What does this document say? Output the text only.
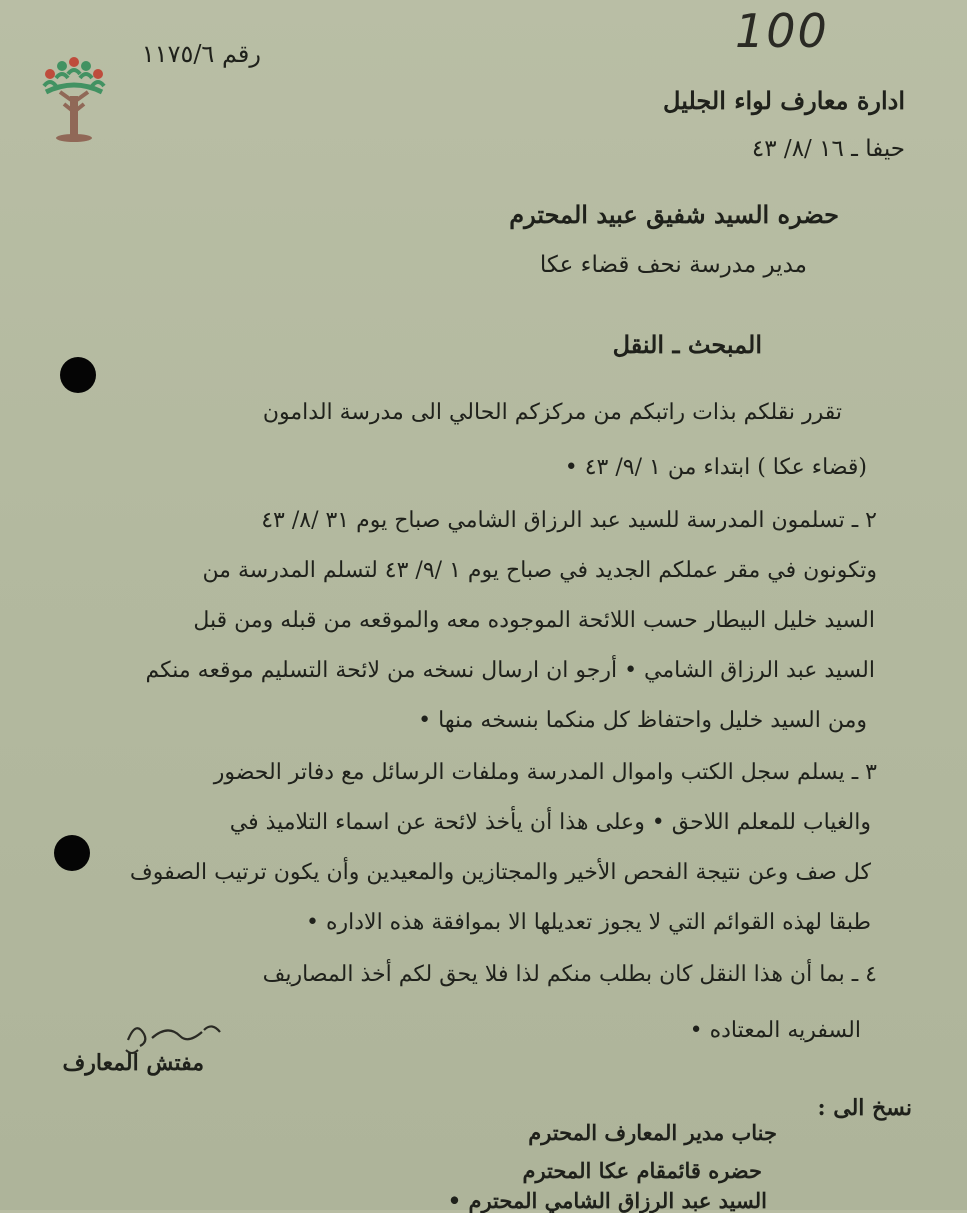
100
رقم ١١٧٥/٦
ادارة معارف لواء الجليل
حيفا ـ ١٦ /٨/ ٤٣
حضره السيد شفيق عبيد المحترم
مدير مدرسة نحف قضاء عكا
المبحث ـ النقل
تقرر نقلكم بذات راتبكم من مركزكم الحالي الى مدرسة الدامون
(قضاء عكا ) ابتداء من ١ /٩/ ٤٣ •
٢ ـ تسلمون المدرسة للسيد عبد الرزاق الشامي صباح يوم ٣١ /٨/ ٤٣
وتكونون في مقر عملكم الجديد في صباح يوم ١ /٩/ ٤٣ لتسلم المدرسة من
السيد خليل البيطار حسب اللائحة الموجوده معه والموقعه من قبله ومن قبل
السيد عبد الرزاق الشامي • أرجو ان ارسال نسخه من لائحة التسليم موقعه منكم
ومن السيد خليل واحتفاظ كل منكما بنسخه منها •
٣ ـ يسلم سجل الكتب واموال المدرسة وملفات الرسائل مع دفاتر الحضور
والغياب للمعلم اللاحق • وعلى هذا أن يأخذ لائحة عن اسماء التلاميذ في
كل صف وعن نتيجة الفحص الأخير والمجتازين والمعيدين وأن يكون ترتيب الصفوف
طبقا لهذه القوائم التي لا يجوز تعديلها الا بموافقة هذه الاداره •
٤ ـ بما أن هذا النقل كان بطلب منكم لذا فلا يحق لكم أخذ المصاريف
السفريه المعتاده •
مفتش المعارف
نسخ الى :
جناب مدير المعارف المحترم
حضره قائمقام عكا المحترم
السيد عبد الرزاق الشامي المحترم •
